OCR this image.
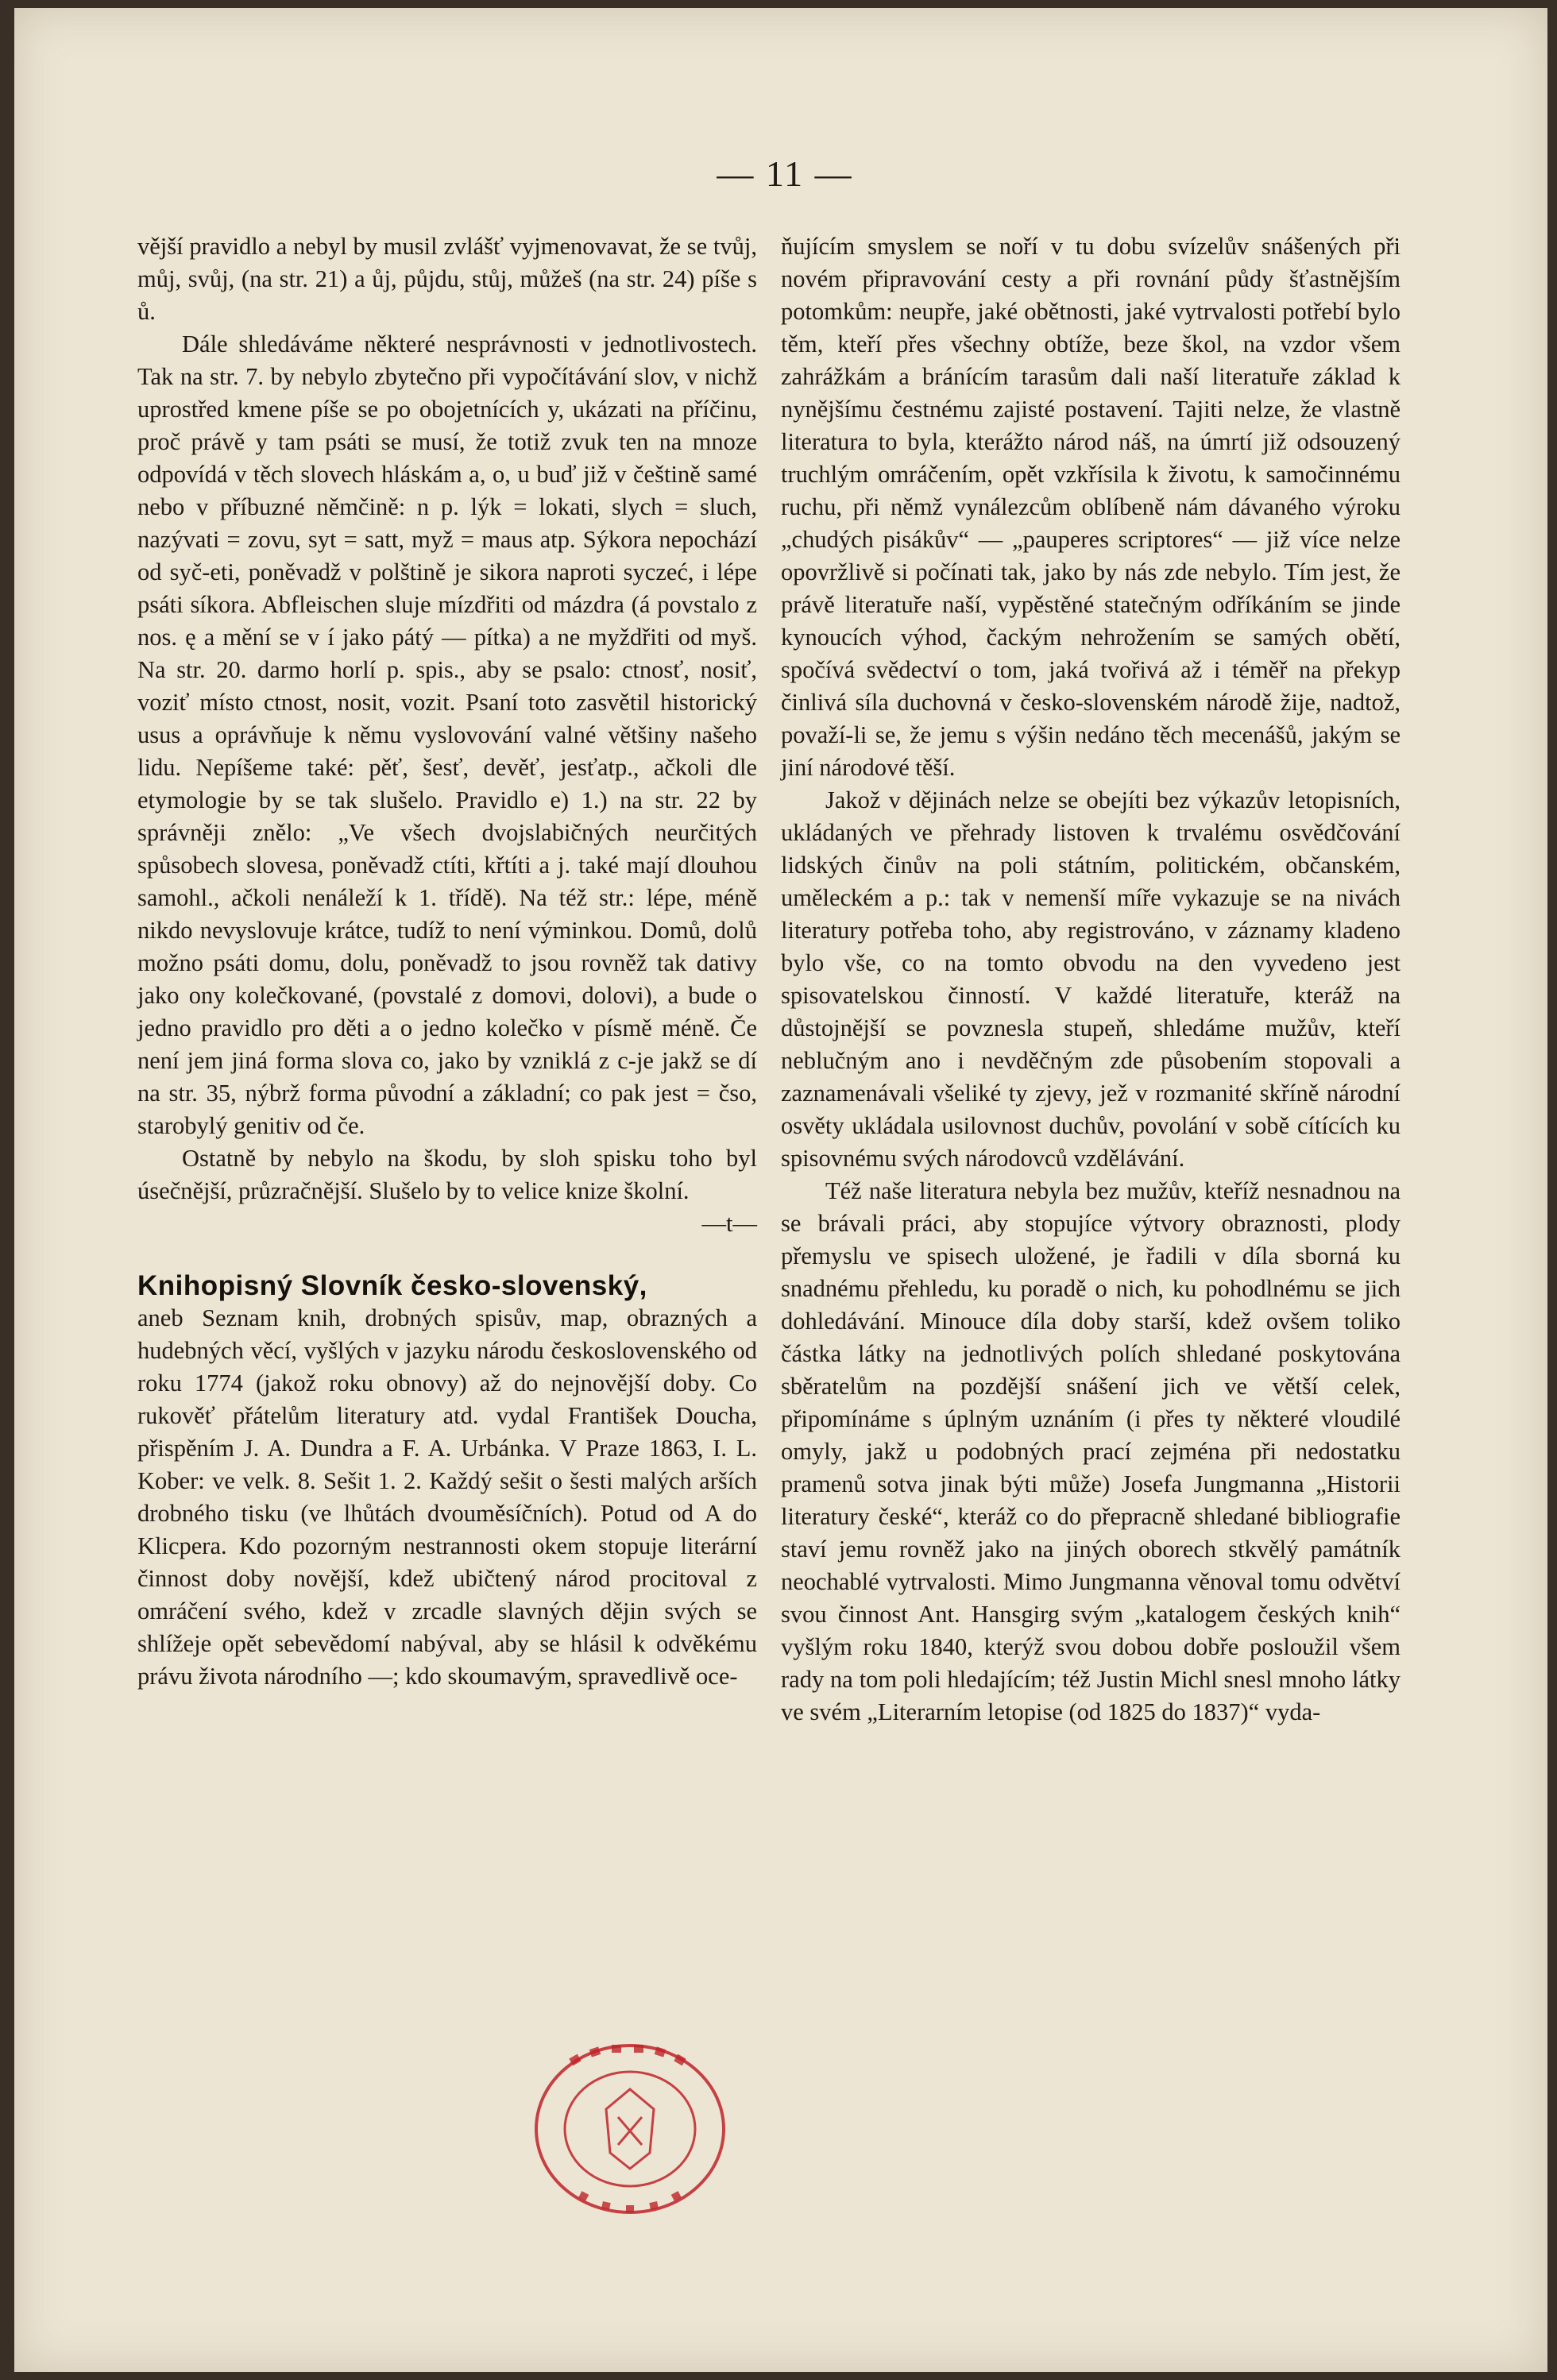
— 11 —

vější pravidlo a nebyl by musil zvlášť vyjmenovavat, že se tvůj, můj, svůj, (na str. 21) a ůj, půjdu, stůj, můžeš (na str. 24) píše s ů.

Dále shledáváme některé nesprávnosti v jednotlivostech. Tak na str. 7. by nebylo zbytečno při vypočítávání slov, v nichž uprostřed kmene píše se po obojetnících y, ukázati na příčinu, proč právě y tam psáti se musí, že totiž zvuk ten na mnoze odpovídá v těch slovech hláskám a, o, u buď již v češtině samé nebo v příbuzné němčině: n p. lýk = lokati, slych = sluch, nazývati = zovu, syt = satt, myž = maus atp. Sýkora nepochází od syč-eti, poněvadž v polštině je sikora naproti syczeć, i lépe psáti síkora. Abfleischen sluje mízdřiti od mázdra (á povstalo z nos. ę a mění se v í jako pátý — pítka) a ne myždřiti od myš. Na str. 20. darmo horlí p. spis., aby se psalo: ctnosť, nosiť, voziť místo ctnost, nosit, vozit. Psaní toto zasvětil historický usus a oprávňuje k němu vyslovování valné většiny našeho lidu. Nepíšeme také: pěť, šesť, devěť, jesťatp., ačkoli dle etymologie by se tak slušelo. Pravidlo e) 1.) na str. 22 by správněji znělo: „Ve všech dvojslabičných neurčitých spůsobech slovesa, poněvadž ctíti, křtíti a j. také mají dlouhou samohl., ačkoli nenáleží k 1. třídě). Na též str.: lépe, méně nikdo nevyslovuje krátce, tudíž to není výminkou. Domů, dolů možno psáti domu, dolu, poněvadž to jsou rovněž tak dativy jako ony kolečkované, (povstalé z domovi, dolovi), a bude o jedno pravidlo pro děti a o jedno kolečko v písmě méně. Če není jem jiná forma slova co, jako by vzniklá z c-je jakž se dí na str. 35, nýbrž forma původní a základní; co pak jest = čso, starobylý genitiv od če.

Ostatně by nebylo na škodu, by sloh spisku toho byl úsečnější, průzračnější. Slušelo by to velice knize školní.
—t—

Knihopisný Slovník česko-slovenský,

aneb Seznam knih, drobných spisův, map, obrazných a hudebných věcí, vyšlých v jazyku národu československého od roku 1774 (jakož roku obnovy) až do nejnovější doby. Co rukověť přátelům literatury atd. vydal František Doucha, přispěním J. A. Dundra a F. A. Urbánka. V Praze 1863, I. L. Kober: ve velk. 8. Sešit 1. 2. Každý sešit o šesti malých arších drobného tisku (ve lhůtách dvouměsíčních). Potud od A do Klicpera. Kdo pozorným nestrannosti okem stopuje literární činnost doby novější, kdež ubičtený národ procitoval z omráčení svého, kdež v zrcadle slavných dějin svých se shlížeje opět sebevědomí nabýval, aby se hlásil k odvěkému právu života národního —; kdo skoumavým, spravedlivě oce-

ňujícím smyslem se noří v tu dobu svízelův snášených při novém připravování cesty a při rovnání půdy šťastnějším potomkům: neupře, jaké obětnosti, jaké vytrvalosti potřebí bylo těm, kteří přes všechny obtíže, beze škol, na vzdor všem zahrážkám a bránícím tarasům dali naší literatuře základ k nynějšímu čestnému zajisté postavení. Tajiti nelze, že vlastně literatura to byla, kterážto národ náš, na úmrtí již odsouzený truchlým omráčením, opět vzkřísila k životu, k samočinnému ruchu, při němž vynálezcům oblíbeně nám dávaného výroku „chudých pisákův“ — „pauperes scriptores“ — již více nelze opovržlivě si počínati tak, jako by nás zde nebylo. Tím jest, že právě literatuře naší, vypěstěné statečným odříkáním se jinde kynoucích výhod, čackým nehrožením se samých obětí, spočívá svědectví o tom, jaká tvořivá až i téměř na překyp činlivá síla duchovná v česko-slovenském národě žije, nadtož, považí-li se, že jemu s výšin nedáno těch mecenášů, jakým se jiní národové těší.

Jakož v dějinách nelze se obejíti bez výkazův letopisních, ukládaných ve přehrady listoven k trvalému osvědčování lidských činův na poli státním, politickém, občanském, uměleckém a p.: tak v nemenší míře vykazuje se na nivách literatury potřeba toho, aby registrováno, v záznamy kladeno bylo vše, co na tomto obvodu na den vyvedeno jest spisovatelskou činností. V každé literatuře, kteráž na důstojnější se povznesla stupeň, shledáme mužův, kteří neblučným ano i nevděčným zde působením stopovali a zaznamenávali všeliké ty zjevy, jež v rozmanité skříně národní osvěty ukládala usilovnost duchův, povolání v sobě cítících ku spisovnému svých národovců vzdělávání.

Též naše literatura nebyla bez mužův, kteříž nesnadnou na se brávali práci, aby stopujíce výtvory obraznosti, plody přemyslu ve spisech uložené, je řadili v díla sborná ku snadnému přehledu, ku poradě o nich, ku pohodlnému se jich dohledávání. Minouce díla doby starší, kdež ovšem toliko částka látky na jednotlivých polích shledané poskytována sběratelům na pozdější snášení jich ve větší celek, připomínáme s úplným uznáním (i přes ty některé vloudilé omyly, jakž u podobných prací zejména při nedostatku pramenů sotva jinak býti může) Josefa Jungmanna „Historii literatury české“, kteráž co do přepracně shledané bibliografie staví jemu rovněž jako na jiných oborech stkvělý památník neochablé vytrvalosti. Mimo Jungmanna věnoval tomu odvětví svou činnost Ant. Hansgirg svým „katalogem českých knih“ vyšlým roku 1840, kterýž svou dobou dobře posloužil všem rady na tom poli hledajícím; též Justin Michl snesl mnoho látky ve svém „Literarním letopise (od 1825 do 1837)“ vyda-
